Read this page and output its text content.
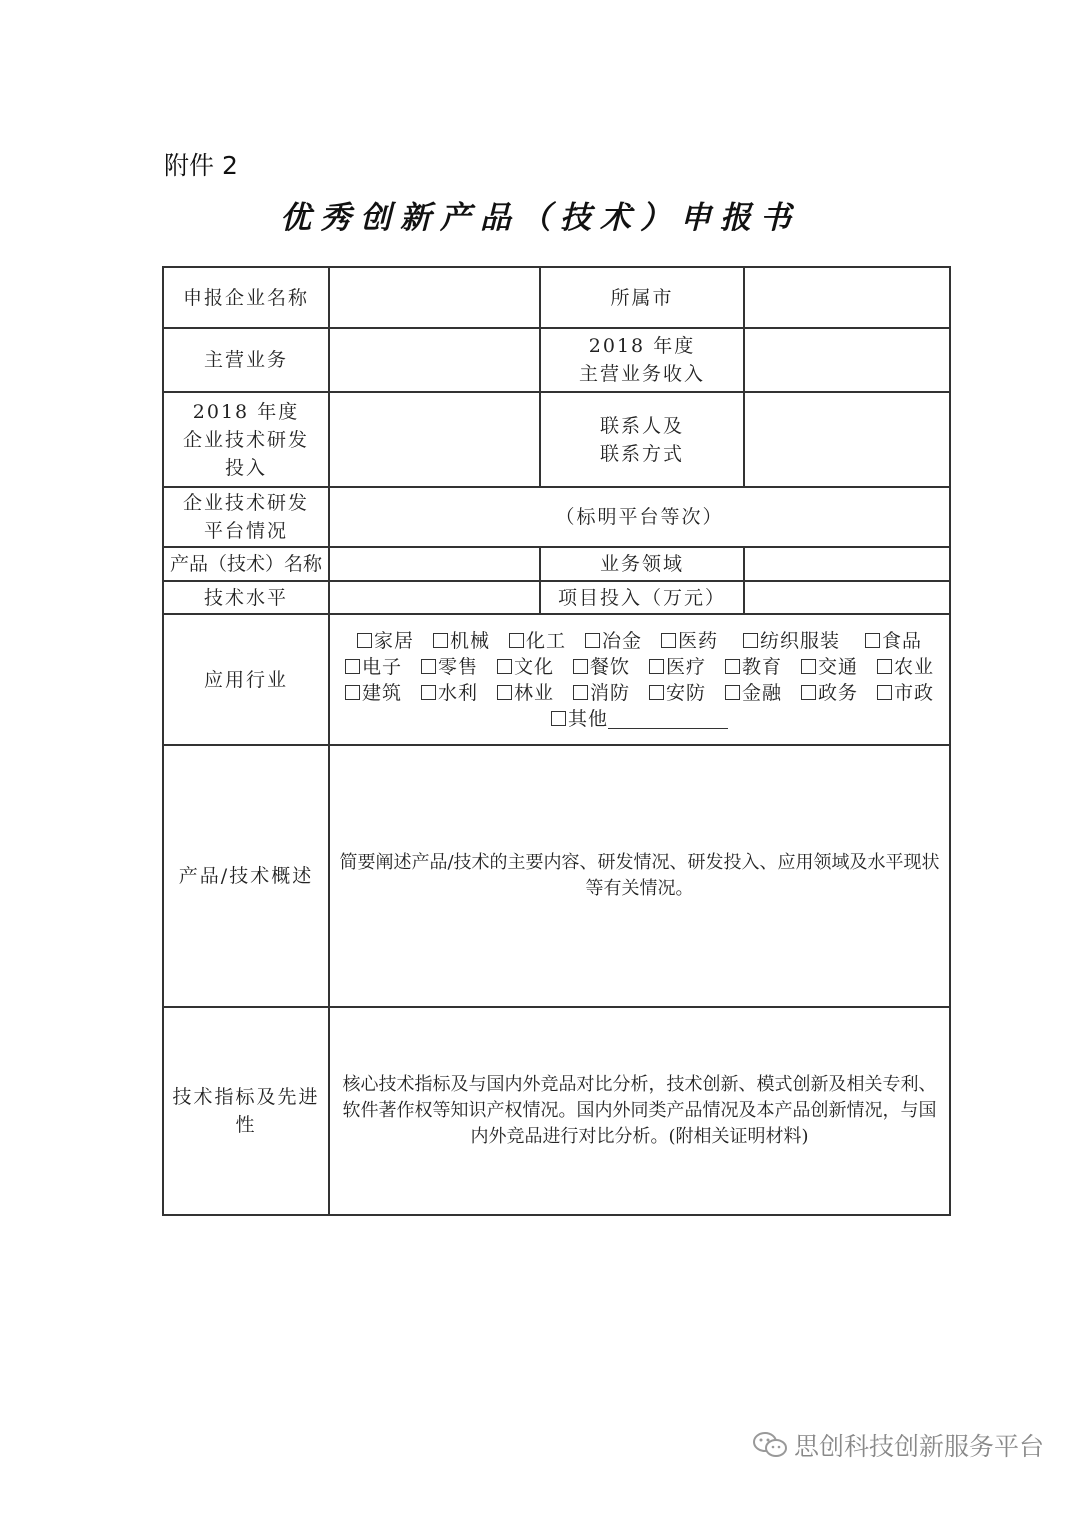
附件 2
优秀创新产品（技术）申报书
申报企业名称		所属市	
主营业务		2018 年度
主营业务收入	

2018 年度
企业技术研发
投入		联系人及
联系方式	

企业技术研发
平台情况	（标明平台等次）		
产品（技术）名称		业务领域	
技术水平		项目投入（万元）	
应用行业	家居 机械 化工 冶金 医药 纺织服装 食品
电子 零售 文化 餐饮 医疗 教育 交通 农业
建筑 水利 林业 消防 安防 金融 政务 市政
其他		

产品/技术概述	简要阐述产品/技术的主要内容、研发情况、研发投入、应用领域及水平现状等有关情况。		

技术指标及先进
性	核心技术指标及与国内外竞品对比分析，技术创新、模式创新及相关专利、软件著作权等知识产权情况。国内外同类产品情况及本产品创新情况，与国内外竞品进行对比分析。(附相关证明材料)		
思创科技创新服务平台
